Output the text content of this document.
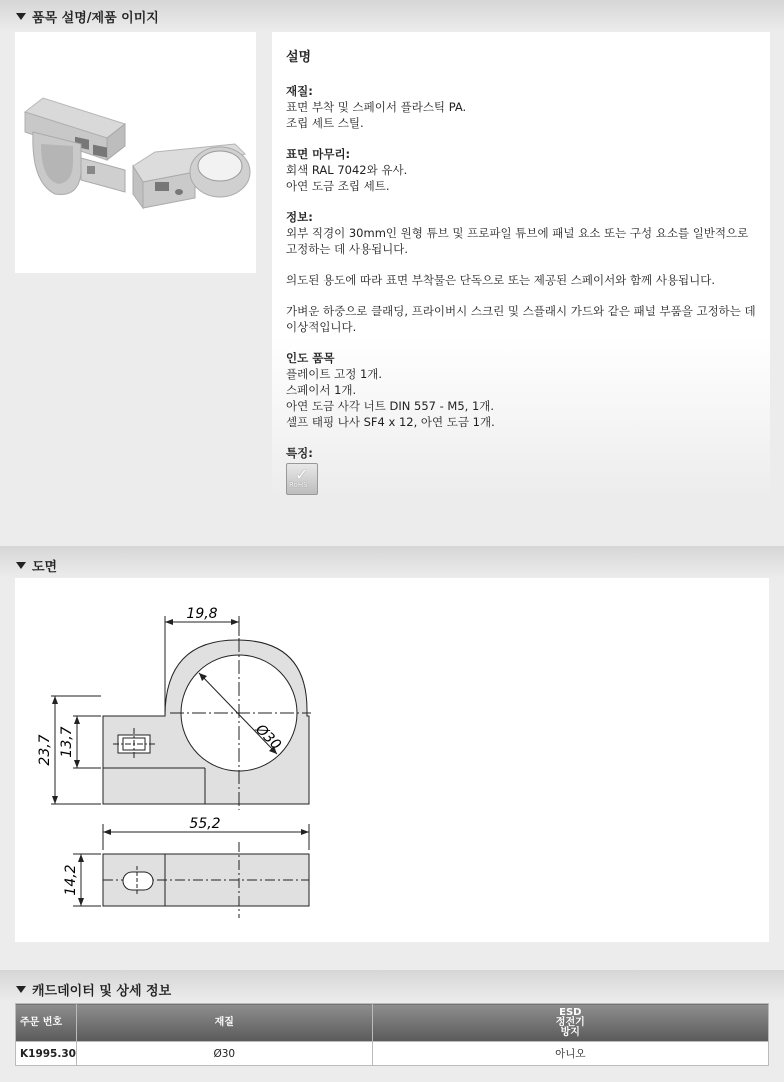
품목 설명/제품 이미지
설명
재질:
표면 부착 및 스페이서 플라스틱 PA.
조립 세트 스틸.
표면 마무리:
회색 RAL 7042와 유사.
아연 도금 조립 세트.
정보:
외부 직경이 30mm인 원형 튜브 및 프로파일 튜브에 패널 요소 또는 구성 요소를 일반적으로 고정하는 데 사용됩니다.
의도된 용도에 따라 표면 부착물은 단독으로 또는 제공된 스페이서와 함께 사용됩니다.
가벼운 하중으로 클래딩, 프라이버시 스크린 및 스플래시 가드와 같은 패널 부품을 고정하는 데 이상적입니다.
인도 품목
플레이트 고정 1개.
스페이서 1개.
아연 도금 사각 너트 DIN 557 - M5, 1개.
셀프 태핑 나사 SF4 x 12, 아연 도금 1개.
특징:
✓
RoHS
도면
19,8
Ø30
23,7 13,7
55,2
14,2
캐드데이터 및 상세 정보
주문 번호	재질	ESD
정전기
방지

K1995.30	Ø30	아니오
